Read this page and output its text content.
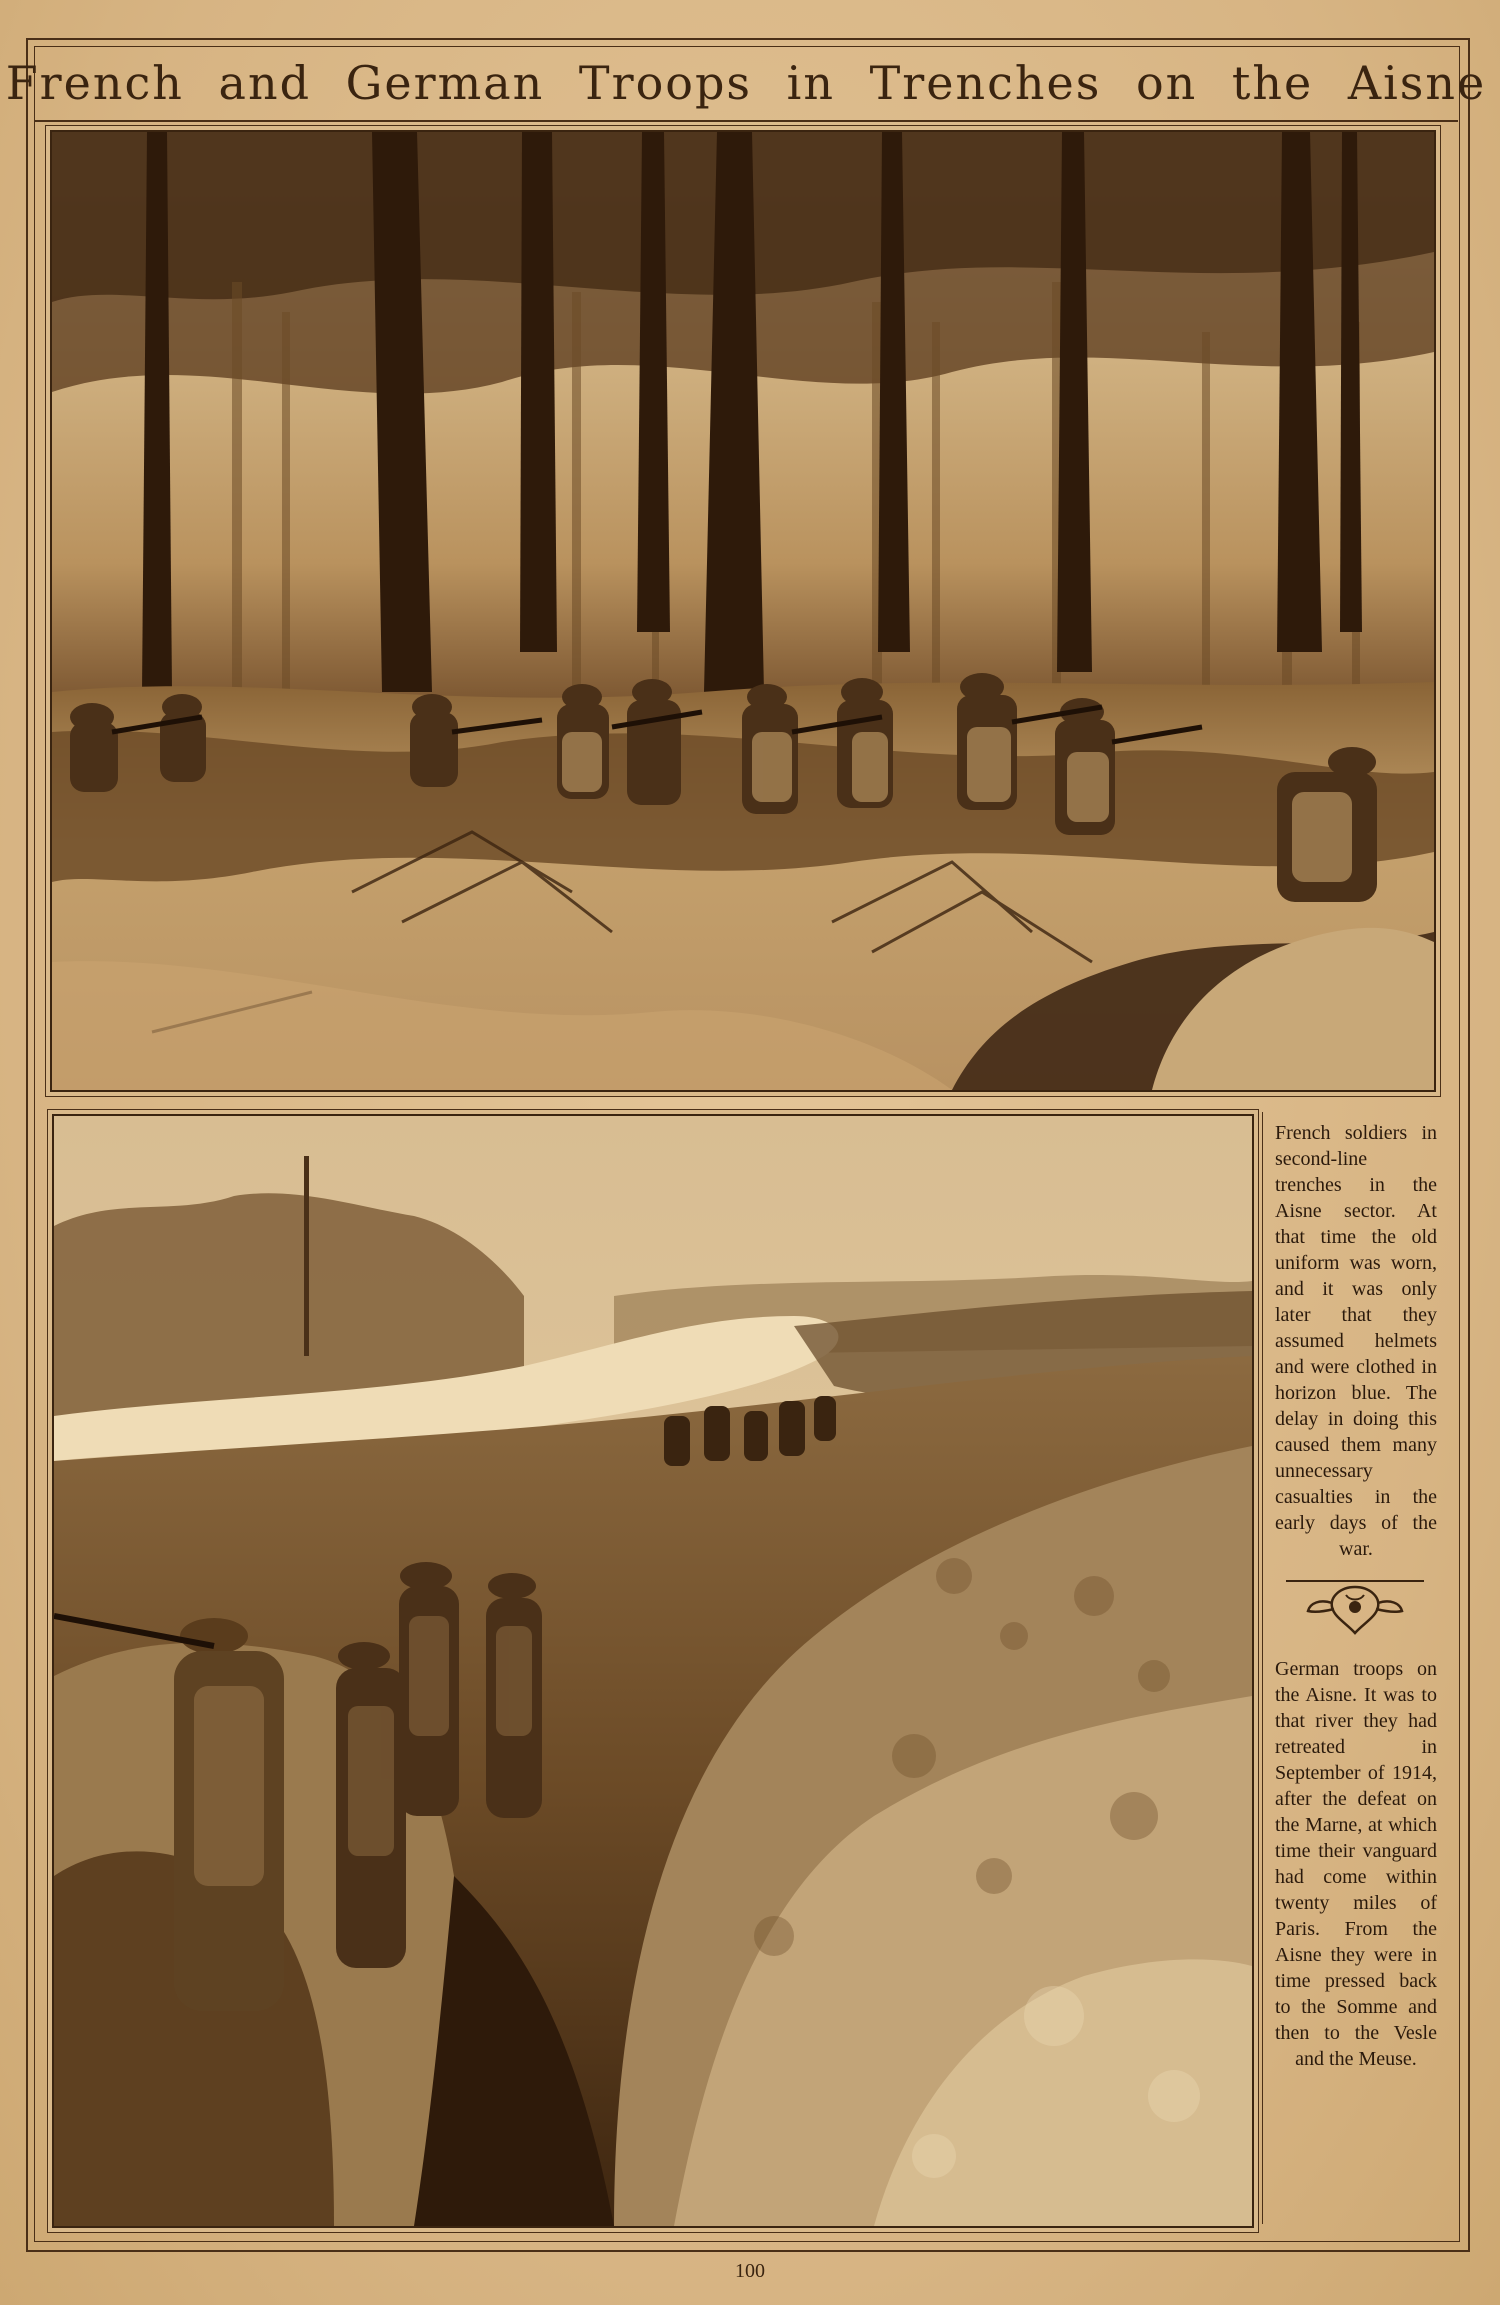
French and German Troops in Trenches on the Aisne
French soldiers in second-line trenches in the Aisne sector. At that time the old uniform was worn, and it was only later that they assumed helmets and were clothed in horizon blue. The delay in doing this caused them many unnecessary casualties in the early days of the war.
German troops on the Aisne. It was to that river they had retreated in September of 1914, after the defeat on the Marne, at which time their vanguard had come within twenty miles of Paris. From the Aisne they were in time pressed back to the Somme and then to the Vesle and the Meuse.
100
